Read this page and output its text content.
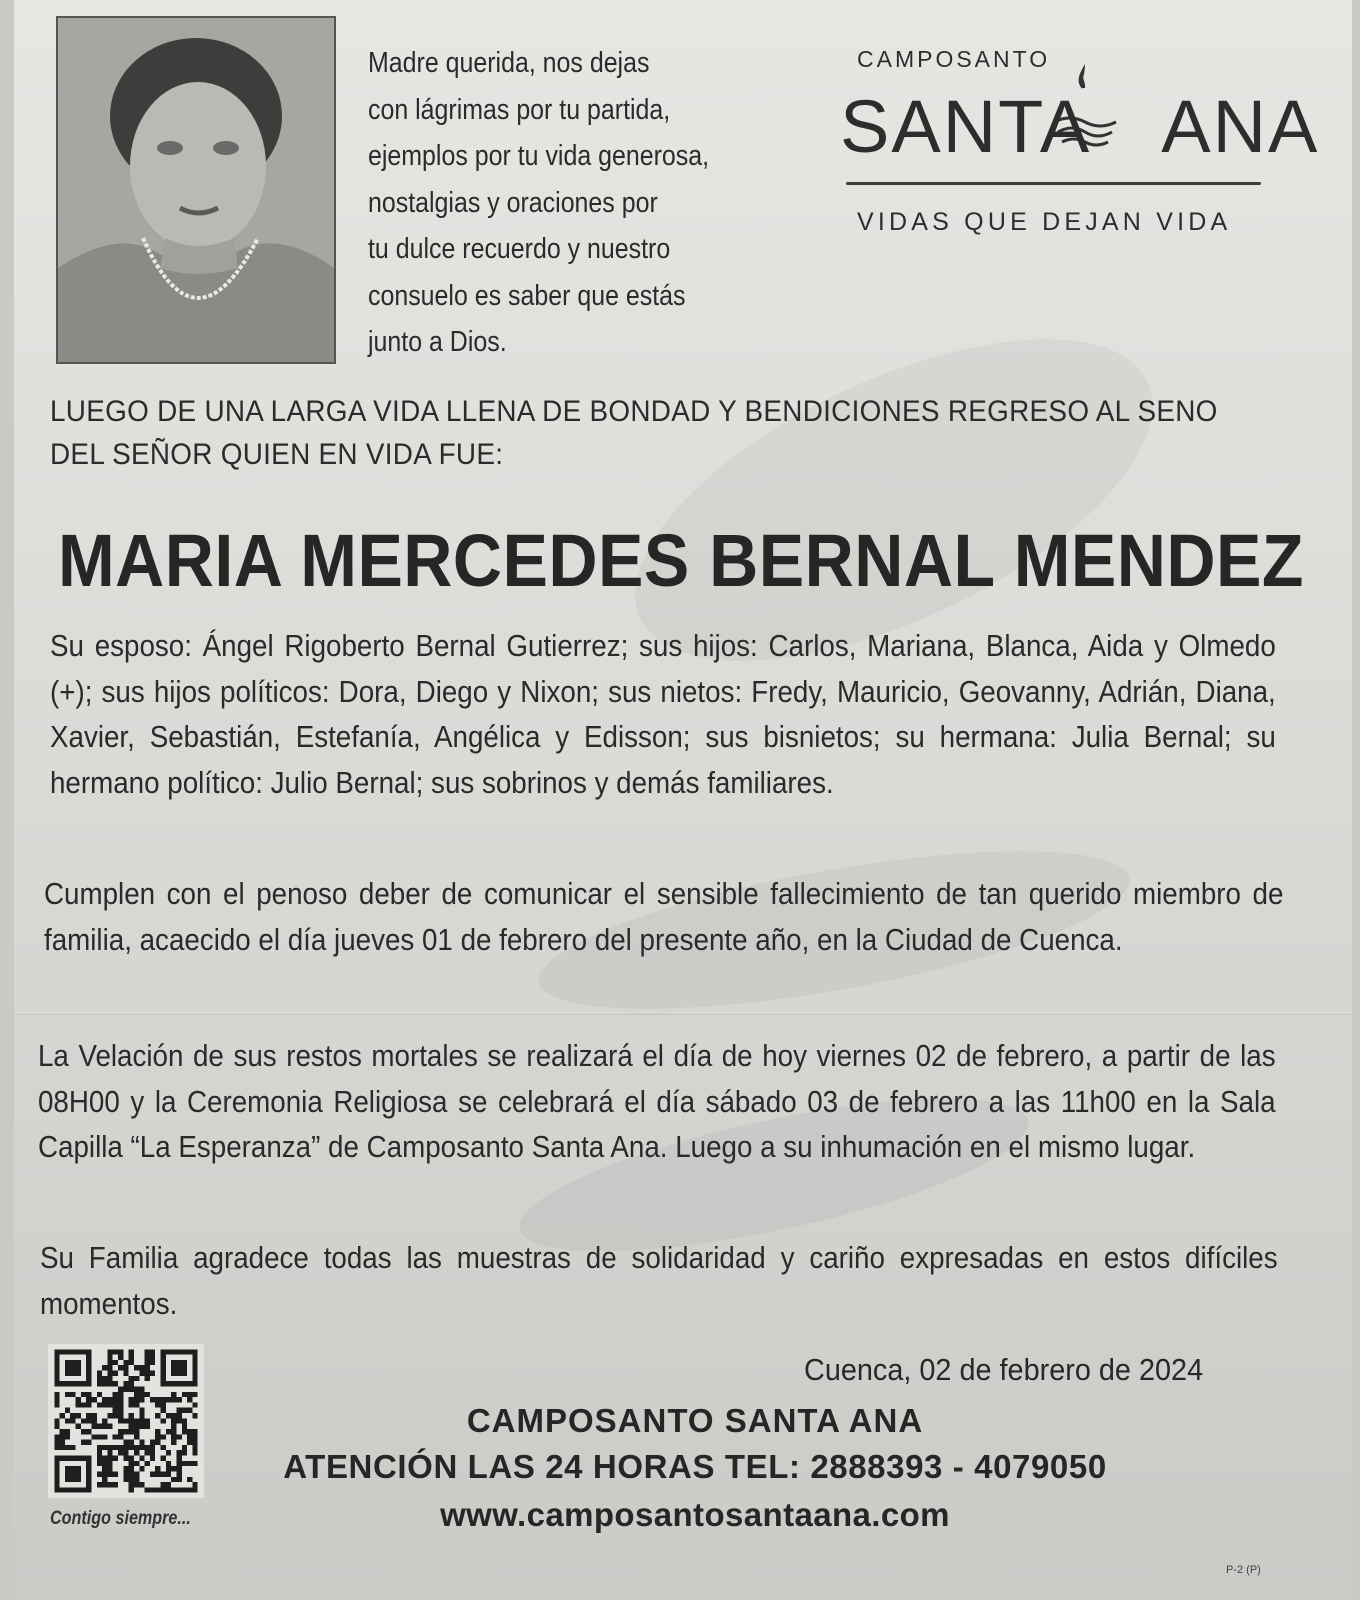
Madre querida, nos dejas
con lágrimas por tu partida,
ejemplos por tu vida generosa,
nostalgias y oraciones por
tu dulce recuerdo y nuestro
consuelo es saber que estás
junto a Dios.
CAMPOSANTO
SANTA ANA
VIDAS QUE DEJAN VIDA
LUEGO DE UNA LARGA VIDA LLENA DE BONDAD Y BENDICIONES REGRESO AL SENO DEL SEÑOR QUIEN EN VIDA FUE:
MARIA MERCEDES BERNAL MENDEZ
Su esposo: Ángel Rigoberto Bernal Gutierrez; sus hijos: Carlos, Mariana, Blanca, Aida y Olmedo (+); sus hijos políticos: Dora, Diego y Nixon; sus nietos: Fredy, Mauricio, Geovanny, Adrián, Diana, Xavier, Sebastián, Estefanía, Angélica y Edisson; sus bisnietos; su hermana: Julia Bernal; su hermano político: Julio Bernal; sus sobrinos y demás familiares.
Cumplen con el penoso deber de comunicar el sensible fallecimiento de tan querido miembro de familia, acaecido el día jueves 01 de febrero del presente año, en la Ciudad de Cuenca.
La Velación de sus restos mortales se realizará el día de hoy viernes 02 de febrero, a partir de las 08H00 y la Ceremonia Religiosa se celebrará el día sábado 03 de febrero a las 11h00 en la Sala Capilla “La Esperanza” de Camposanto Santa Ana. Luego a su inhumación en el mismo lugar.
Su Familia agradece todas las muestras de solidaridad y cariño expresadas en estos difíciles momentos.
Contigo siempre...
Cuenca, 02 de febrero de 2024
CAMPOSANTO SANTA ANA
ATENCIÓN LAS 24 HORAS TEL: 2888393 - 4079050
www.camposantosantaana.com
P-2 (P)
